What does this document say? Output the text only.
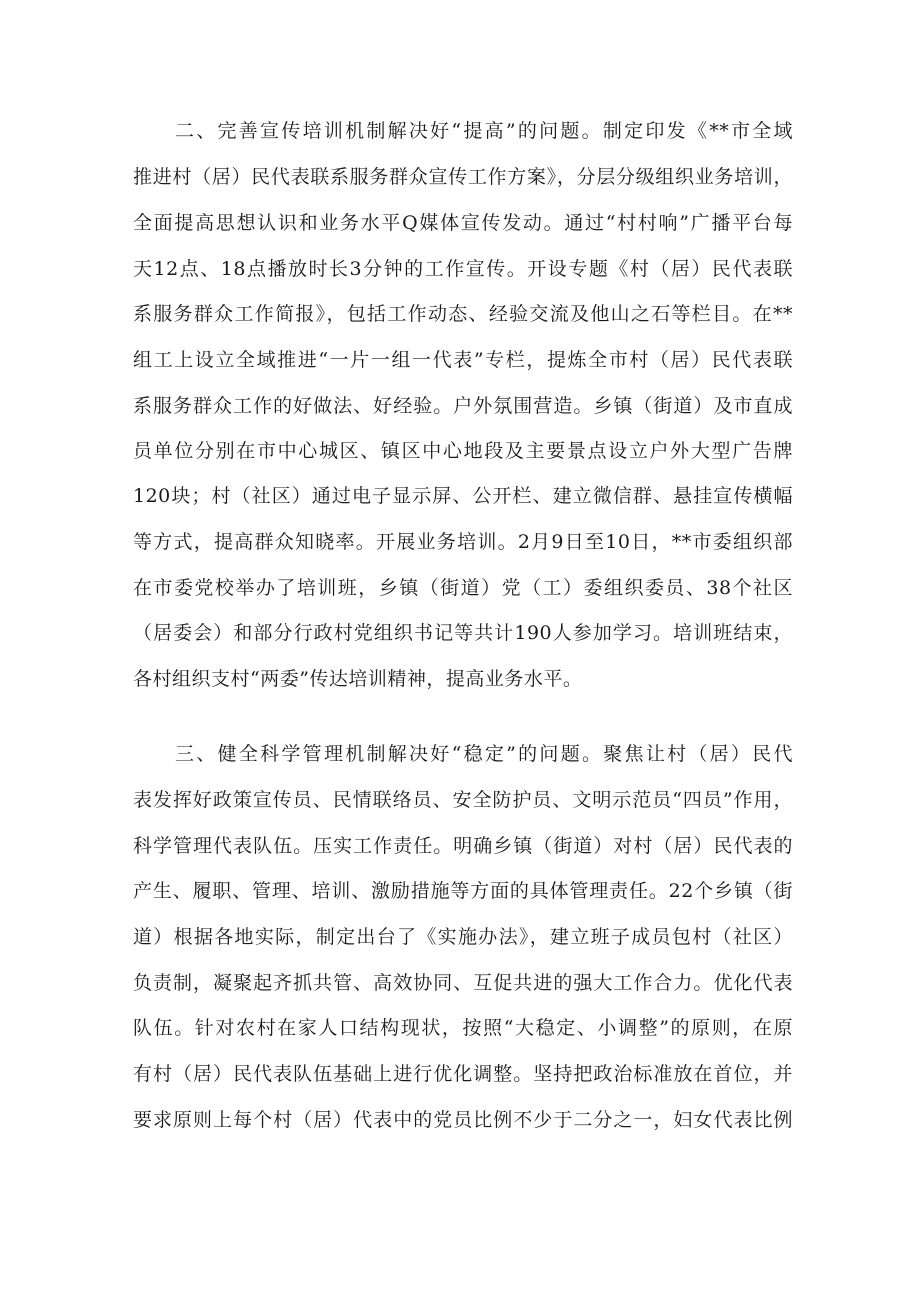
二、完善宣传培训机制解决好“提高”的问题。制定印发《**市全域
推进村（居）民代表联系服务群众宣传工作方案》，分层分级组织业务培训，
全面提高思想认识和业务水平Q媒体宣传发动。通过“村村响”广播平台每
天12点、18点播放时长3分钟的工作宣传。开设专题《村（居）民代表联
系服务群众工作简报》，包括工作动态、经验交流及他山之石等栏目。在**
组工上设立全域推进“一片一组一代表”专栏，提炼全市村（居）民代表联
系服务群众工作的好做法、好经验。户外氛围营造。乡镇（街道）及市直成
员单位分别在市中心城区、镇区中心地段及主要景点设立户外大型广告牌
120块；村（社区）通过电子显示屏、公开栏、建立微信群、悬挂宣传横幅
等方式，提高群众知晓率。开展业务培训。2月9日至10日，**市委组织部
在市委党校举办了培训班，乡镇（街道）党（工）委组织委员、38个社区
（居委会）和部分行政村党组织书记等共计190人参加学习。培训班结束，
各村组织支村“两委”传达培训精神，提高业务水平。
三、健全科学管理机制解决好“稳定”的问题。聚焦让村（居）民代
表发挥好政策宣传员、民情联络员、安全防护员、文明示范员“四员”作用，
科学管理代表队伍。压实工作责任。明确乡镇（街道）对村（居）民代表的
产生、履职、管理、培训、激励措施等方面的具体管理责任。22个乡镇（街
道）根据各地实际，制定出台了《实施办法》，建立班子成员包村（社区）
负责制，凝聚起齐抓共管、高效协同、互促共进的强大工作合力。优化代表
队伍。针对农村在家人口结构现状，按照“大稳定、小调整”的原则，在原
有村（居）民代表队伍基础上进行优化调整。坚持把政治标准放在首位，并
要求原则上每个村（居）代表中的党员比例不少于二分之一，妇女代表比例
